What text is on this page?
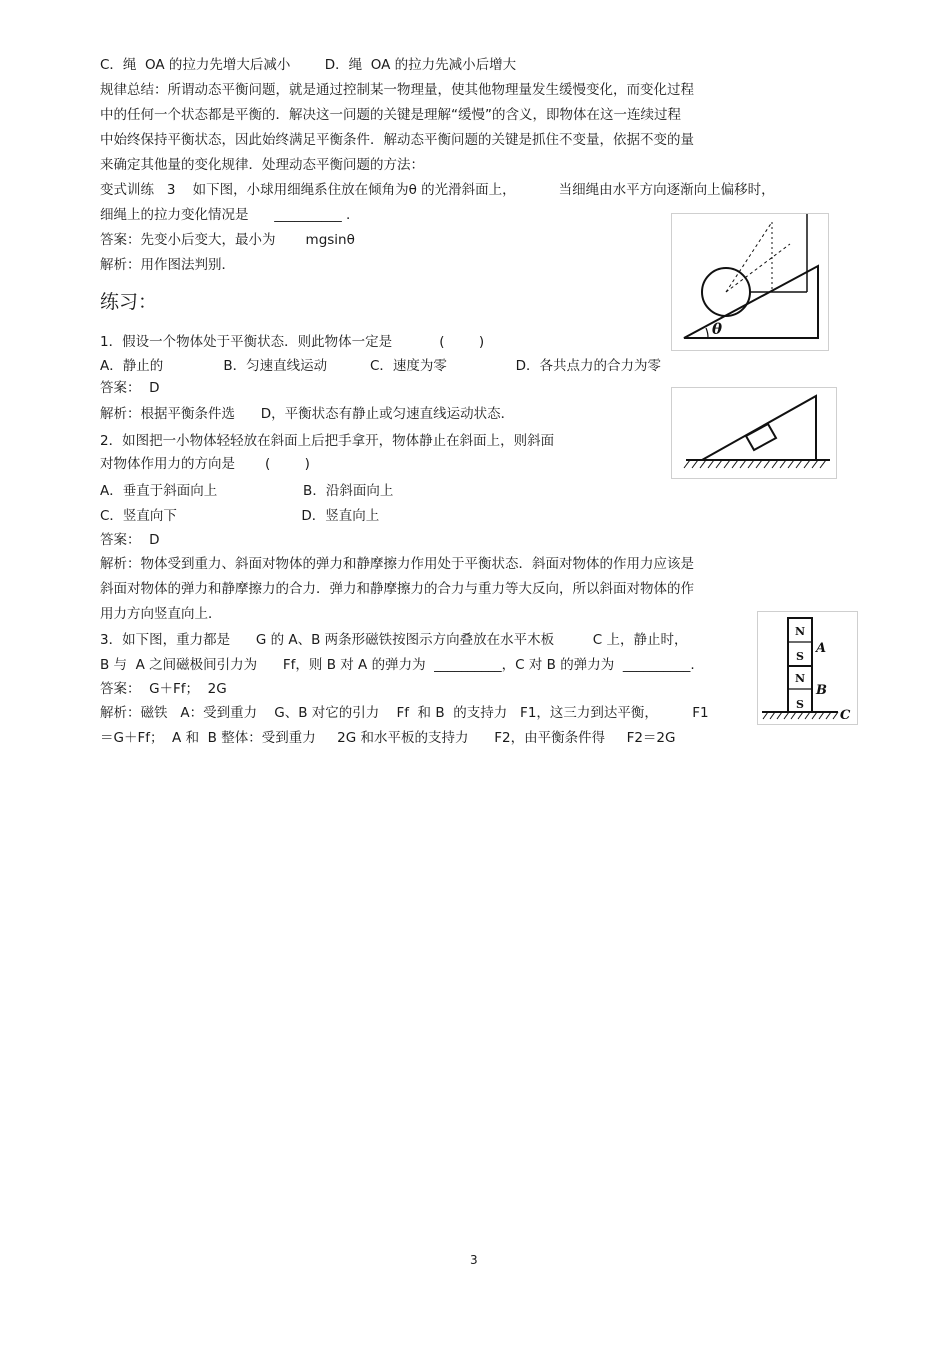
C．绳  OA 的拉力先增大后减小        D．绳  OA 的拉力先减小后增大
规律总结：所谓动态平衡问题，就是通过控制某一物理量，使其他物理量发生缓慢变化，而变化过程
中的任何一个状态都是平衡的．解决这一问题的关键是理解“缓慢”的含义，即物体在这一连续过程
中始终保持平衡状态，因此始终满足平衡条件．解动态平衡问题的关键是抓住不变量，依据不变的量
来确定其他量的变化规律．处理动态平衡问题的方法：
变式训练   3    如下图，小球用细绳系住放在倾角为θ 的光滑斜面上，          当细绳由水平方向逐渐向上偏移时，
细绳上的拉力变化情况是      __________ .
答案：先变小后变大，最小为       mgsinθ
解析：用作图法判别．
练习：
1．假设一个物体处于平衡状态．则此物体一定是           (        )
A．静止的              B．匀速直线运动          C．速度为零                D．各共点力的合力为零
答案：  D
解析：根据平衡条件选      D，平衡状态有静止或匀速直线运动状态．
2．如图把一小物体轻轻放在斜面上后把手拿开，物体静止在斜面上，则斜面
对物体作用力的方向是       (        )
A．垂直于斜面向上                    B．沿斜面向上
C．竖直向下                             D．竖直向上
答案：  D
解析：物体受到重力、斜面对物体的弹力和静摩擦力作用处于平衡状态．斜面对物体的作用力应该是
斜面对物体的弹力和静摩擦力的合力．弹力和静摩擦力的合力与重力等大反向，所以斜面对物体的作
用力方向竖直向上．
3．如下图，重力都是      G 的 A、B 两条形磁铁按图示方向叠放在水平木板         C 上，静止时，
B 与  A 之间磁极间引力为      Ff，则 B 对 A 的弹力为  __________，C 对 B 的弹力为  __________.
答案：  G＋Ff；  2G
解析：磁铁   A：受到重力    G、B 对它的引力    Ff  和 B  的支持力   F1，这三力到达平衡，        F1
＝G＋Ff；  A 和  B 整体：受到重力     2G 和水平板的支持力      F2，由平衡条件得     F2＝2G
θ
N
S
N
S
A
B
C
3
